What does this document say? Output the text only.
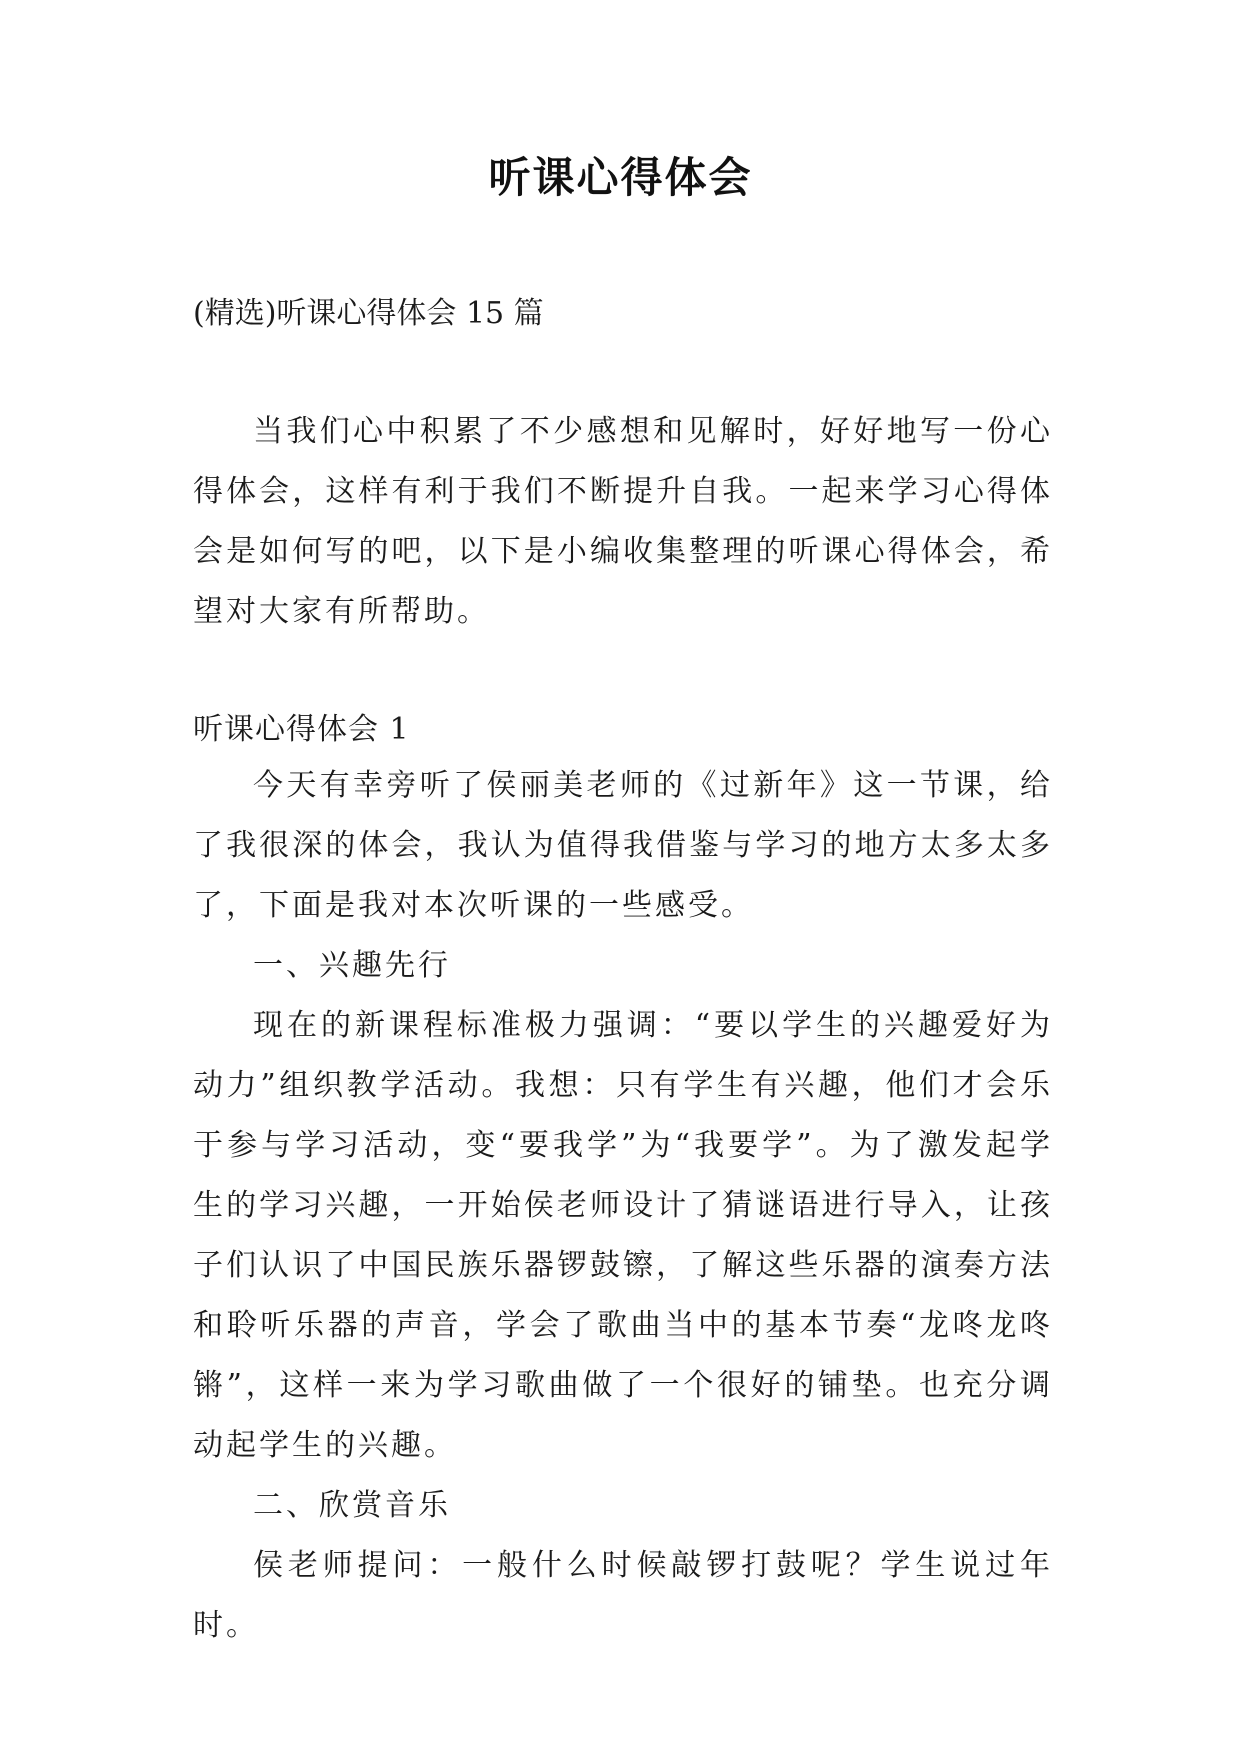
听课心得体会
(精选)听课心得体会 15 篇

当我们心中积累了不少感想和见解时，好好地写一份心得体会，这样有利于我们不断提升自我。一起来学习心得体会是如何写的吧，以下是小编收集整理的听课心得体会，希望对大家有所帮助。

听课心得体会 1

今天有幸旁听了侯丽美老师的《过新年》这一节课，给了我很深的体会，我认为值得我借鉴与学习的地方太多太多了，下面是我对本次听课的一些感受。

一、兴趣先行

现在的新课程标准极力强调：“要以学生的兴趣爱好为动力”组织教学活动。我想：只有学生有兴趣，他们才会乐于参与学习活动，变“要我学”为“我要学”。为了激发起学生的学习兴趣，一开始侯老师设计了猜谜语进行导入，让孩子们认识了中国民族乐器锣鼓镲，了解这些乐器的演奏方法和聆听乐器的声音，学会了歌曲当中的基本节奏“龙咚龙咚锵”，这样一来为学习歌曲做了一个很好的铺垫。也充分调动起学生的兴趣。

二、欣赏音乐

侯老师提问：一般什么时候敲锣打鼓呢？学生说过年时。
